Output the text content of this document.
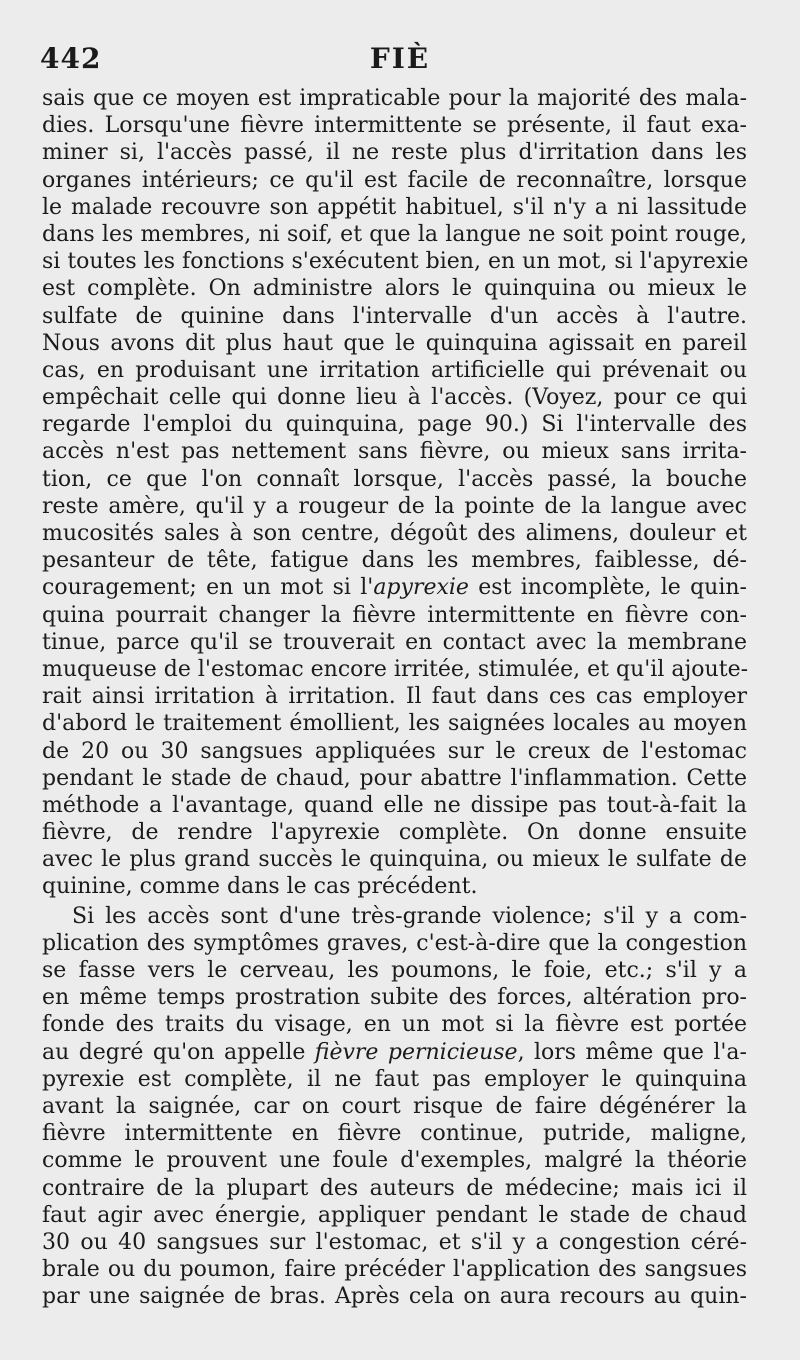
442	FIÈ
sais que ce moyen est impraticable pour la majorité des mala-
dies. Lorsqu'une fièvre intermittente se présente, il faut exa-
miner si, l'accès passé, il ne reste plus d'irritation dans les
organes intérieurs; ce qu'il est facile de reconnaître, lorsque
le malade recouvre son appétit habituel, s'il n'y a ni lassitude
dans les membres, ni soif, et que la langue ne soit point rouge,
si toutes les fonctions s'exécutent bien, en un mot, si l'apyrexie
est complète. On administre alors le quinquina ou mieux le
sulfate de quinine dans l'intervalle d'un accès à l'autre.
Nous avons dit plus haut que le quinquina agissait en pareil
cas, en produisant une irritation artificielle qui prévenait ou
empêchait celle qui donne lieu à l'accès. (Voyez, pour ce qui
regarde l'emploi du quinquina, page 90.) Si l'intervalle des
accès n'est pas nettement sans fièvre, ou mieux sans irrita-
tion, ce que l'on connaît lorsque, l'accès passé, la bouche
reste amère, qu'il y a rougeur de la pointe de la langue avec
mucosités sales à son centre, dégoût des alimens, douleur et
pesanteur de tête, fatigue dans les membres, faiblesse, dé-
couragement; en un mot si l'apyrexie est incomplète, le quin-
quina pourrait changer la fièvre intermittente en fièvre con-
tinue, parce qu'il se trouverait en contact avec la membrane
muqueuse de l'estomac encore irritée, stimulée, et qu'il ajoute-
rait ainsi irritation à irritation. Il faut dans ces cas employer
d'abord le traitement émollient, les saignées locales au moyen
de 20 ou 30 sangsues appliquées sur le creux de l'estomac
pendant le stade de chaud, pour abattre l'inflammation. Cette
méthode a l'avantage, quand elle ne dissipe pas tout-à-fait la
fièvre, de rendre l'apyrexie complète. On donne ensuite
avec le plus grand succès le quinquina, ou mieux le sulfate de
quinine, comme dans le cas précédent.
Si les accès sont d'une très-grande violence; s'il y a com-
plication des symptômes graves, c'est-à-dire que la congestion
se fasse vers le cerveau, les poumons, le foie, etc.; s'il y a
en même temps prostration subite des forces, altération pro-
fonde des traits du visage, en un mot si la fièvre est portée
au degré qu'on appelle fièvre pernicieuse, lors même que l'a-
pyrexie est complète, il ne faut pas employer le quinquina
avant la saignée, car on court risque de faire dégénérer la
fièvre intermittente en fièvre continue, putride, maligne,
comme le prouvent une foule d'exemples, malgré la théorie
contraire de la plupart des auteurs de médecine; mais ici il
faut agir avec énergie, appliquer pendant le stade de chaud
30 ou 40 sangsues sur l'estomac, et s'il y a congestion céré-
brale ou du poumon, faire précéder l'application des sangsues
par une saignée de bras. Après cela on aura recours au quin-
